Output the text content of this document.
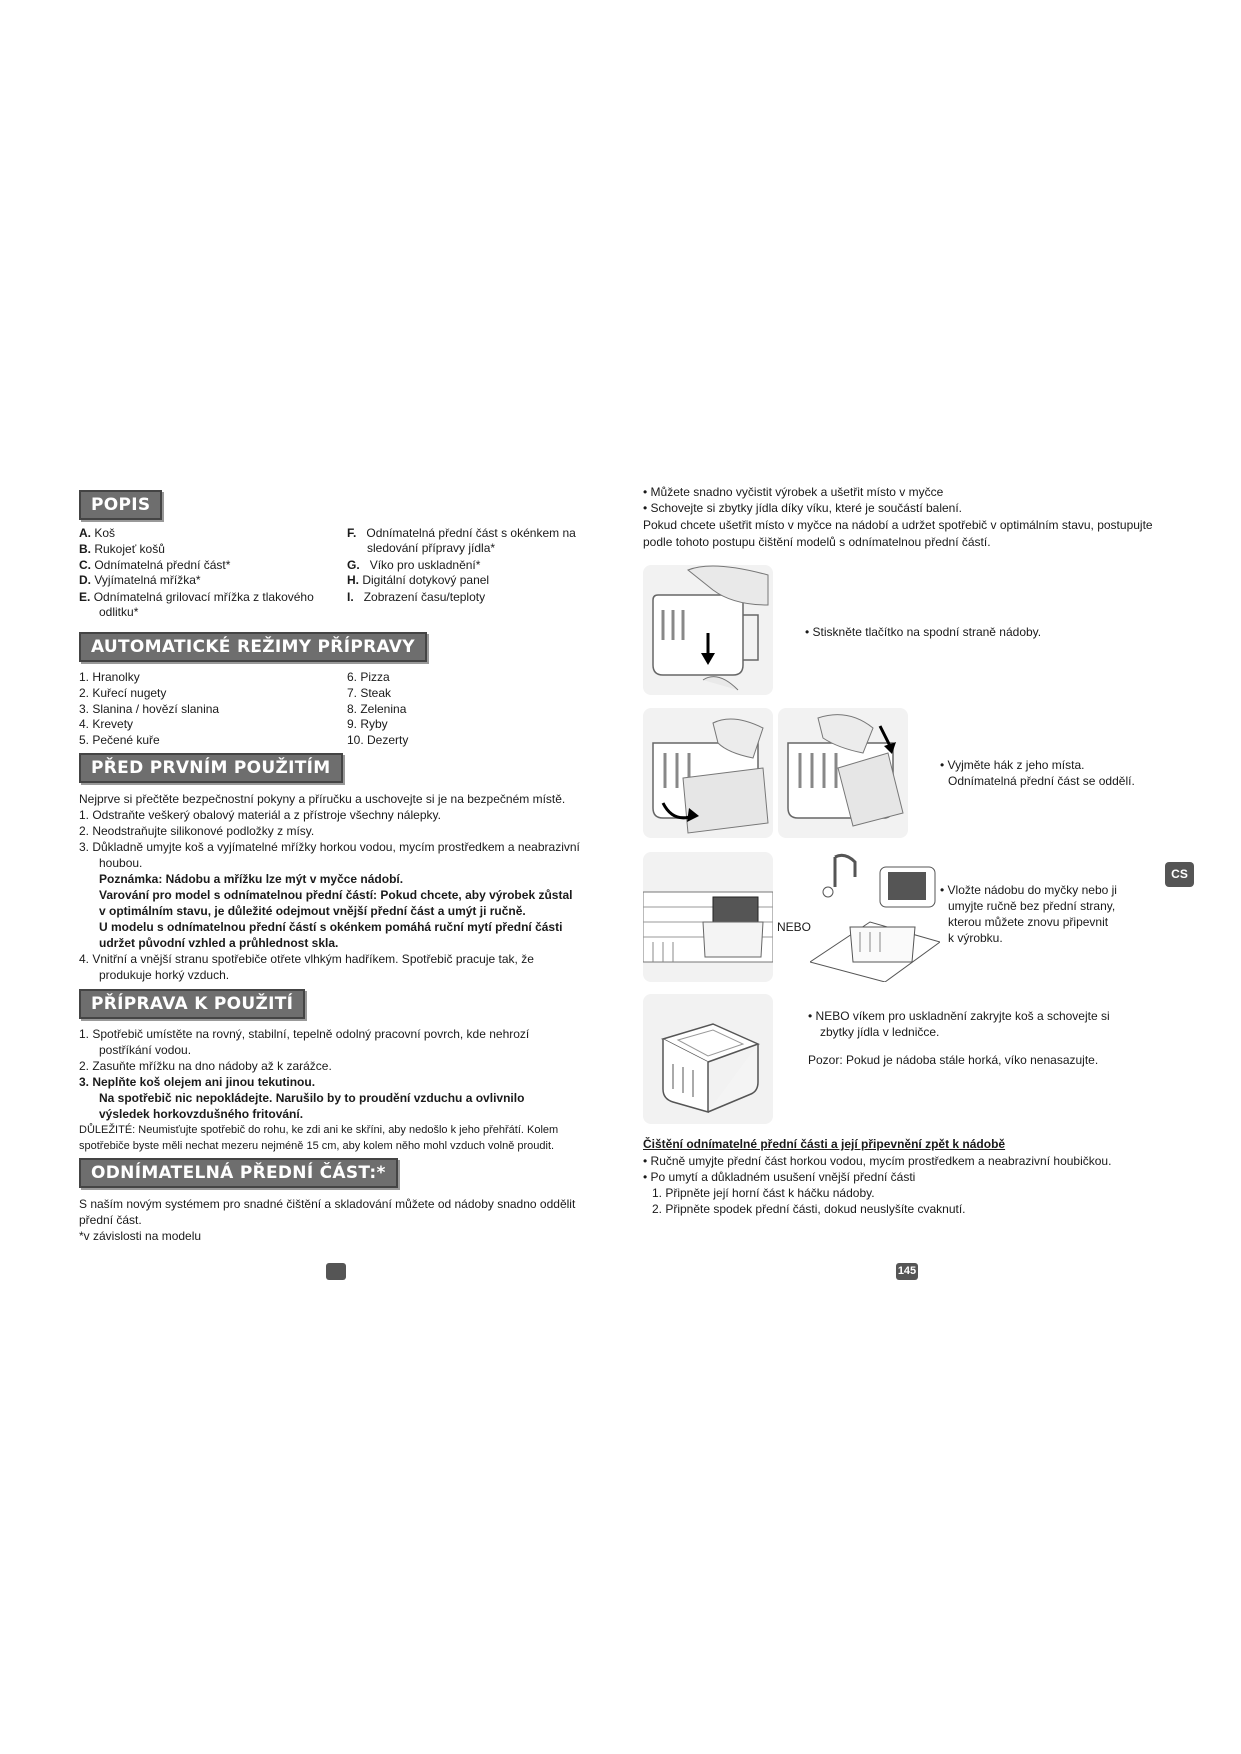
POPIS
A. Koš
B. Rukojeť košů
C. Odnímatelná přední část*
D. Vyjímatelná mřížka*
E. Odnímatelná grilovací mřížka z tlakového odlitku*
F. Odnímatelná přední část s okénkem na sledování přípravy jídla*
G. Víko pro uskladnění*
H. Digitální dotykový panel
I. Zobrazení času/teploty
AUTOMATICKÉ REŽIMY PŘÍPRAVY
1. Hranolky
2. Kuřecí nugety
3. Slanina / hovězí slanina
4. Krevety
5. Pečené kuře
6. Pizza
7. Steak
8. Zelenina
9. Ryby
10. Dezerty
PŘED PRVNÍM POUŽITÍM
Nejprve si přečtěte bezpečnostní pokyny a příručku a uschovejte si je na bezpečném místě.
1. Odstraňte veškerý obalový materiál a z přístroje všechny nálepky.
2. Neodstraňujte silikonové podložky z mísy.
3. Důkladně umyjte koš a vyjímatelné mřížky horkou vodou, mycím prostředkem a neabrazivní
houbou.
Poznámka: Nádobu a mřížku lze mýt v myčce nádobí.
Varování pro model s odnímatelnou přední částí: Pokud chcete, aby výrobek zůstal
v optimálním stavu, je důležité odejmout vnější přední část a umýt ji ručně.
U modelu s odnímatelnou přední částí s okénkem pomáhá ruční mytí přední části
udržet původní vzhled a průhlednost skla.
4. Vnitřní a vnější stranu spotřebiče otřete vlhkým hadříkem. Spotřebič pracuje tak, že
produkuje horký vzduch.
PŘÍPRAVA K POUŽITÍ
1. Spotřebič umístěte na rovný, stabilní, tepelně odolný pracovní povrch, kde nehrozí
postříkání vodou.
2. Zasuňte mřížku na dno nádoby až k zarážce.
3. Neplňte koš olejem ani jinou tekutinou.
Na spotřebič nic nepokládejte. Narušilo by to proudění vzduchu a ovlivnilo
výsledek horkovzdušného fritování.
DŮLEŽITÉ: Neumisťujte spotřebič do rohu, ke zdi ani ke skříni, aby nedošlo k jeho přehřátí. Kolem
spotřebiče byste měli nechat mezeru nejméně 15 cm, aby kolem něho mohl vzduch volně proudit.
ODNÍMATELNÁ PŘEDNÍ ČÁST:*
S naším novým systémem pro snadné čištění a skladování můžete od nádoby snadno oddělit
přední část.
*v závislosti na modelu
• Můžete snadno vyčistit výrobek a ušetřit místo v myčce
• Schovejte si zbytky jídla díky víku, které je součástí balení.
Pokud chcete ušetřit místo v myčce na nádobí a udržet spotřebič v optimálním stavu, postupujte
podle tohoto postupu čištění modelů s odnímatelnou přední částí.
• Stiskněte tlačítko na spodní straně nádoby.
• Vyjměte hák z jeho místa.
Odnímatelná přední část se oddělí.
NEBO
• Vložte nádobu do myčky nebo ji
umyjte ručně bez přední strany,
kterou můžete znovu připevnit
k výrobku.
• NEBO víkem pro uskladnění zakryjte koš a schovejte si
zbytky jídla v ledničce.
Pozor: Pokud je nádoba stále horká, víko nenasazujte.
Čištění odnímatelné přední části a její připevnění zpět k nádobě
• Ručně umyjte přední část horkou vodou, mycím prostředkem a neabrazivní houbičkou.
• Po umytí a důkladném usušení vnější přední části
1. Připněte její horní část k háčku nádoby.
2. Připněte spodek přední části, dokud neuslyšíte cvaknutí.
CS
145
